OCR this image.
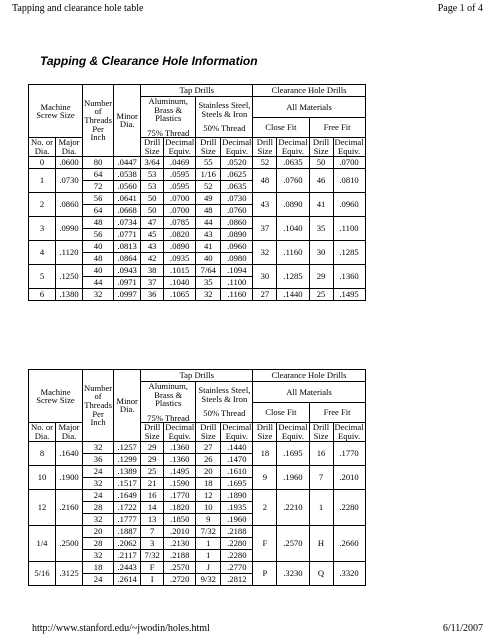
Tapping and clearance hole table	Page 1 of 4
Tapping & Clearance Hole Information
Machine Screw Size		Number of Threads Per Inch	Minor Dia.	Tap Drills				Clearance Hole Drills			
				Aluminum, Brass & Plastics
75% Thread		Stainless Steel, Steels & Iron
50% Thread		All Materials			
								Close Fit		Free Fit	
No. or Dia.	Major Dia.			Drill Size	Decimal Equiv.	Drill Size	Decimal Equiv.	Drill Size	Decimal Equiv.	Drill Size	Decimal Equiv.
0	.0600	80	.0447	3/64	.0469	55	.0520	52	.0635	50	.0700
1	.0730	64	.0538	53	.0595	1/16	.0625	48	.0760	46	.0810
		72	.0560	53	.0595	52	.0635				
2	.0860	56	.0641	50	.0700	49	.0730	43	.0890	41	.0960
		64	.0668	50	.0700	48	.0760				
3	.0990	48	.0734	47	.0785	44	.0860	37	.1040	35	.1100
		56	.0771	45	.0820	43	.0890				
4	.1120	40	.0813	43	.0890	41	.0960	32	.1160	30	.1285
		48	.0864	42	.0935	40	.0980				
5	.1250	40	.0943	38	.1015	7/64	.1094	30	.1285	29	.1360
		44	.0971	37	.1040	35	.1100				
6	.1380	32	.0997	36	.1065	32	.1160	27	.1440	25	.1495
Machine Screw Size		Number of Threads Per Inch	Minor Dia.	Tap Drills				Clearance Hole Drills			
				Aluminum, Brass & Plastics
75% Thread		Stainless Steel, Steels & Iron
50% Thread		All Materials			
								Close Fit		Free Fit	
No. or Dia.	Major Dia.			Drill Size	Decimal Equiv.	Drill Size	Decimal Equiv.	Drill Size	Decimal Equiv.	Drill Size	Decimal Equiv.
8	.1640	32	.1257	29	.1360	27	.1440	18	.1695	16	.1770
		36	.1299	29	.1360	26	.1470				
10	.1900	24	.1389	25	.1495	20	.1610	9	.1960	7	.2010
		32	.1517	21	.1590	18	.1695				
12	.2160	24	.1649	16	.1770	12	.1890	2	.2210	1	.2280
		28	.1722	14	.1820	10	.1935				
		32	.1777	13	.1850	9	.1960				
1/4	.2500	20	.1887	7	.2010	7/32	.2188	F	.2570	H	.2660
		28	.2062	3	.2130	1	.2280				
		32	.2117	7/32	.2188	1	.2280				
5/16	.3125	18	.2443	F	.2570	J	.2770	P	.3230	Q	.3320
		24	.2614	I	.2720	9/32	.2812				
http://www.stanford.edu/~jwodin/holes.html	6/11/2007
